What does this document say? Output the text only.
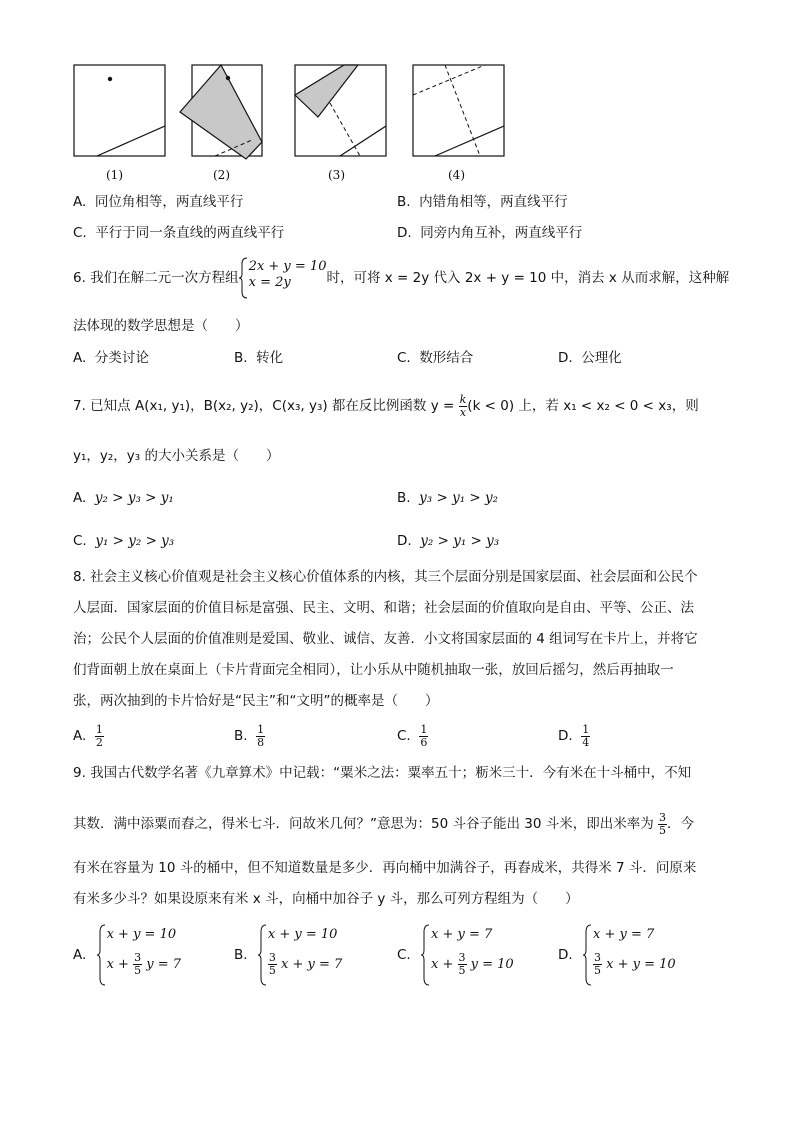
(1)	(2)	(3)	(4)
A. 同位角相等，两直线平行	B. 内错角相等，两直线平行
C. 平行于同一条直线的两直线平行	D. 同旁内角互补，两直线平行
6. 我们在解二元一次方程组
2x + y = 10
x = 2y	时，可将 x = 2y 代入 2x + y = 10 中，消去 x 从而求解，这种解
法体现的数学思想是（　　）
A. 分类讨论	B. 转化	C. 数形结合	D. 公理化
7. 已知点 A(x₁, y₁)，B(x₂, y₂)，C(x₃, y₃) 都在反比例函数 $y = \frac{k}{x} (k < 0)$ 上，若 x₁ < x₂ < 0 < x₃，则
y₁，y₂，y₃ 的大小关系是（　　）
A. y₂ > y₃ > y₁	B. y₃ > y₁ > y₂
C. y₁ > y₂ > y₃	D. y₂ > y₁ > y₃
8. 社会主义核心价值观是社会主义核心价值体系的内核，其三个层面分别是国家层面、社会层面和公民个
人层面．国家层面的价值目标是富强、民主、文明、和谐；社会层面的价值取向是自由、平等、公正、法
治；公民个人层面的价值准则是爱国、敬业、诚信、友善．小文将国家层面的 4 组词写在卡片上，并将它
们背面朝上放在桌面上（卡片背面完全相同），让小乐从中随机抽取一张，放回后摇匀，然后再抽取一
张，两次抽到的卡片恰好是“民主”和“文明”的概率是（　　）
A. $\frac{1}{2}$	B. $\frac{1}{8}$	C. $\frac{1}{6}$	D. $\frac{1}{4}$
9. 我国古代数学名著《九章算术》中记载：“粟米之法：粟率五十；粝米三十．今有米在十斗桶中，不知
其数．满中添粟而舂之，得米七斗．问故米几何？”意思为：50 斗谷子能出 30 斗米，即出米率为 $\frac{3}{5}$ ．今
有米在容量为 10 斗的桶中，但不知道数量是多少．再向桶中加满谷子，再舂成米，共得米 7 斗．问原来
有米多少斗？如果设原来有米 x 斗，向桶中加谷子 y 斗，那么可列方程组为（　　）
A.
x + y = 10
$x + \frac{3}{5}$ y = 7
B.
x + y = 10
$\frac{3}{5}$ x + y = 7
C.
x + y = 7
$x + \frac{3}{5}$ y = 10
D.
x + y = 7
$\frac{3}{5}$ x + y = 10
